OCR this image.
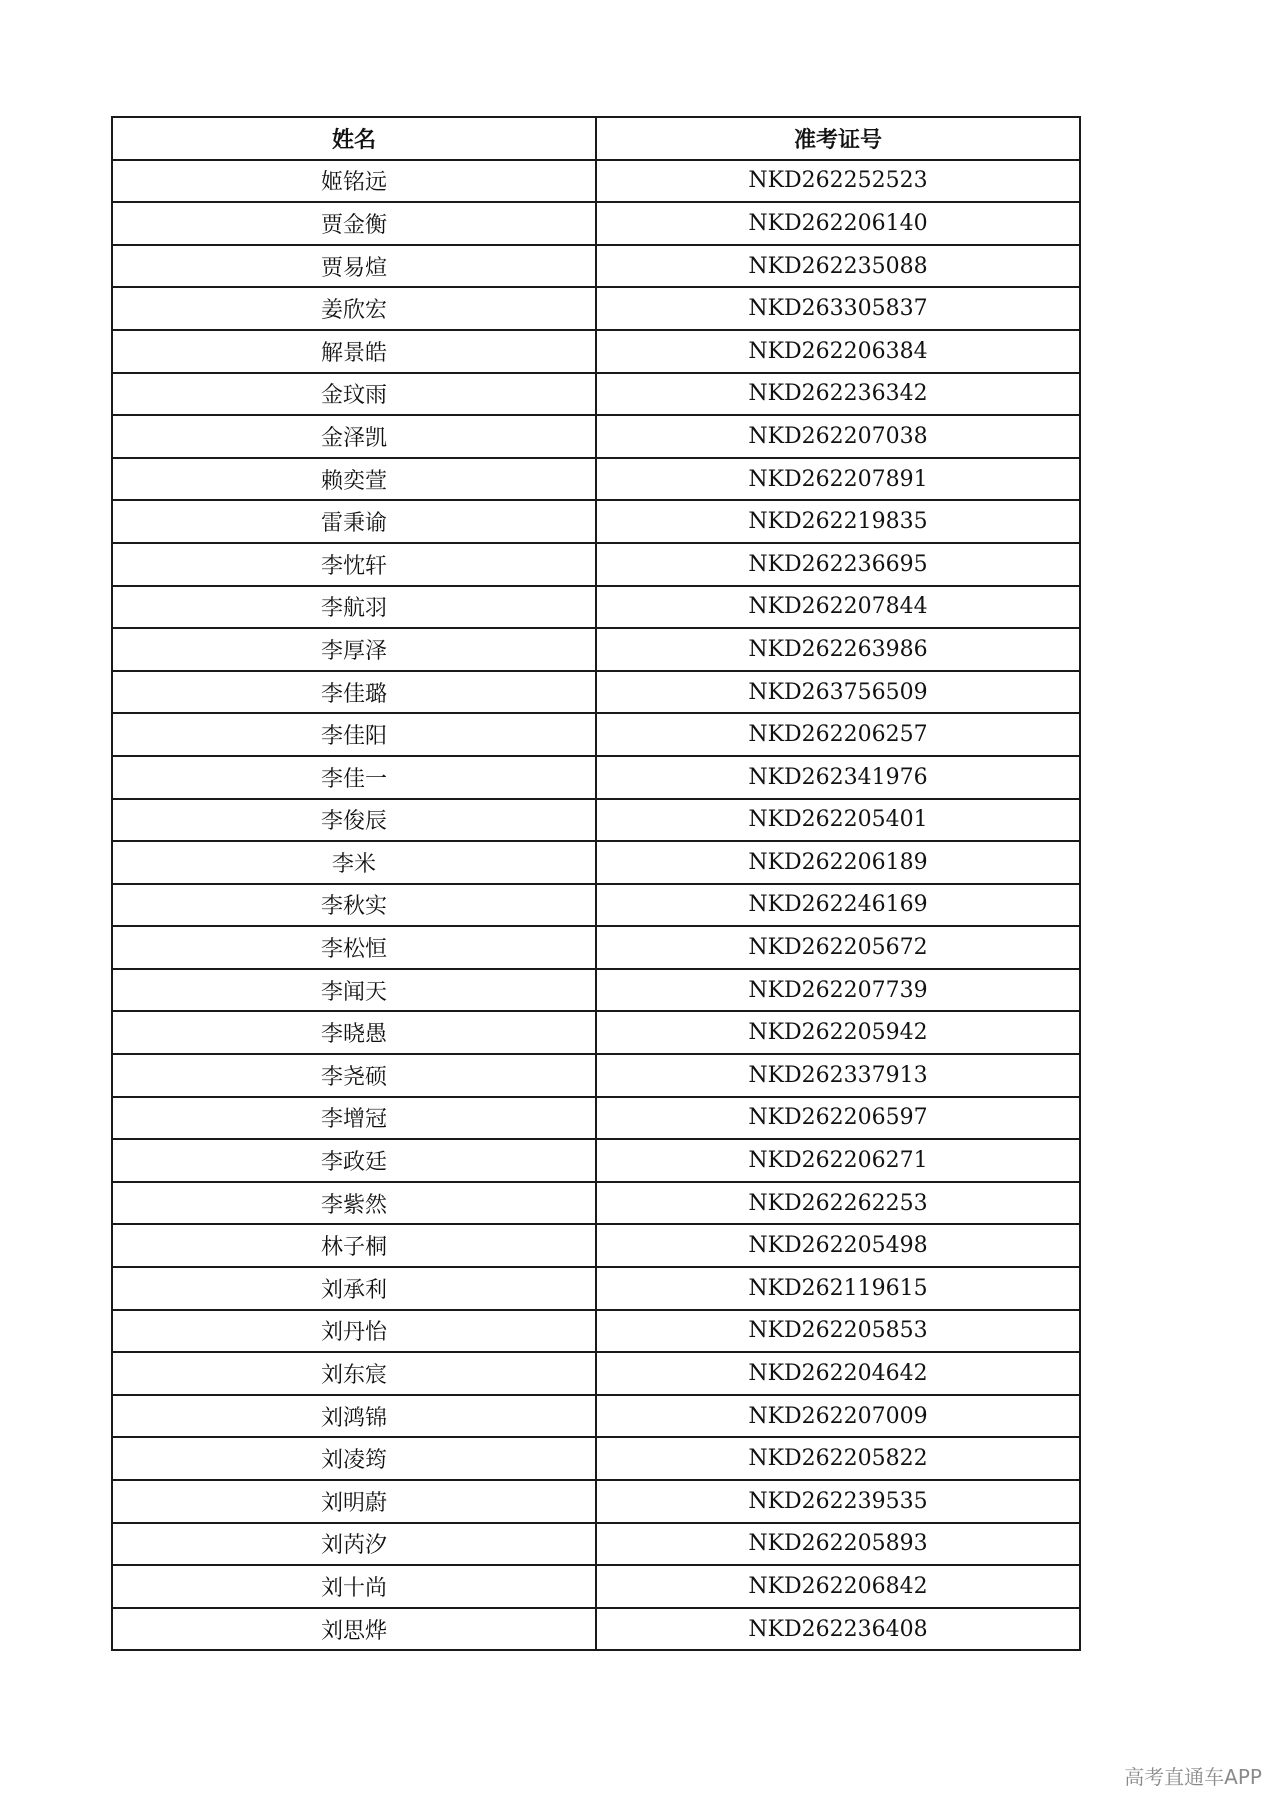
姓名	准考证号
姬铭远	NKD262252523
贾金衡	NKD262206140
贾易煊	NKD262235088
姜欣宏	NKD263305837
解景皓	NKD262206384
金玟雨	NKD262236342
金泽凯	NKD262207038
赖奕萱	NKD262207891
雷秉谕	NKD262219835
李忱轩	NKD262236695
李航羽	NKD262207844
李厚泽	NKD262263986
李佳璐	NKD263756509
李佳阳	NKD262206257
李佳一	NKD262341976
李俊辰	NKD262205401
李米	NKD262206189
李秋实	NKD262246169
李松恒	NKD262205672
李闻天	NKD262207739
李晓愚	NKD262205942
李尧硕	NKD262337913
李增冠	NKD262206597
李政廷	NKD262206271
李紫然	NKD262262253
林子桐	NKD262205498
刘承利	NKD262119615
刘丹怡	NKD262205853
刘东宸	NKD262204642
刘鸿锦	NKD262207009
刘凌筠	NKD262205822
刘明蔚	NKD262239535
刘芮汐	NKD262205893
刘十尚	NKD262206842
刘思烨	NKD262236408
高考直通车APP
